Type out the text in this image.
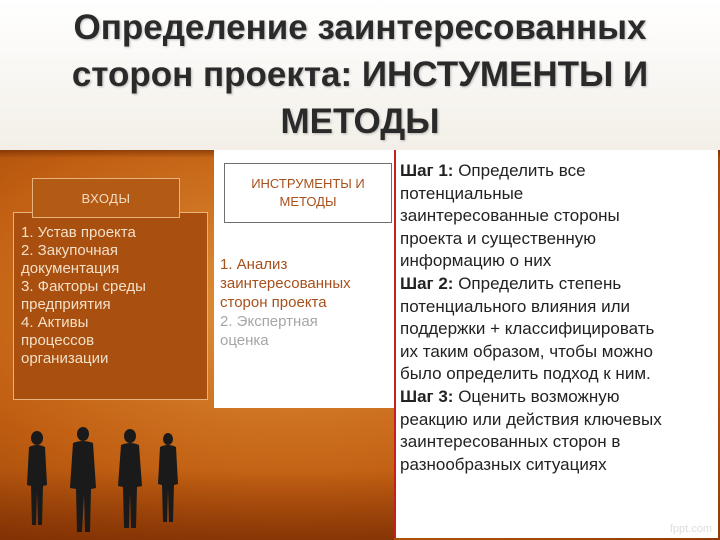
Определение заинтересованных
сторон проекта: ИНСТУМЕНТЫ И
МЕТОДЫ
ВХОДЫ
1. Устав проекта
2. Закупочная
документация
3. Факторы среды
предприятия
4. Активы
процессов
организации
ИНСТРУМЕНТЫ И
МЕТОДЫ
1. Анализ
заинтересованных
сторон проекта
2. Экспертная
оценка
Шаг 1: Определить все
потенциальные
заинтересованные стороны
проекта и существенную
информацию о них
Шаг 2: Определить степень
потенциального влияния или
поддержки + классифицировать
их таким образом, чтобы можно
было определить подход к ним.
Шаг 3: Оценить возможную
реакцию или действия ключевых
заинтересованных сторон в
разнообразных ситуациях
fppt.com
